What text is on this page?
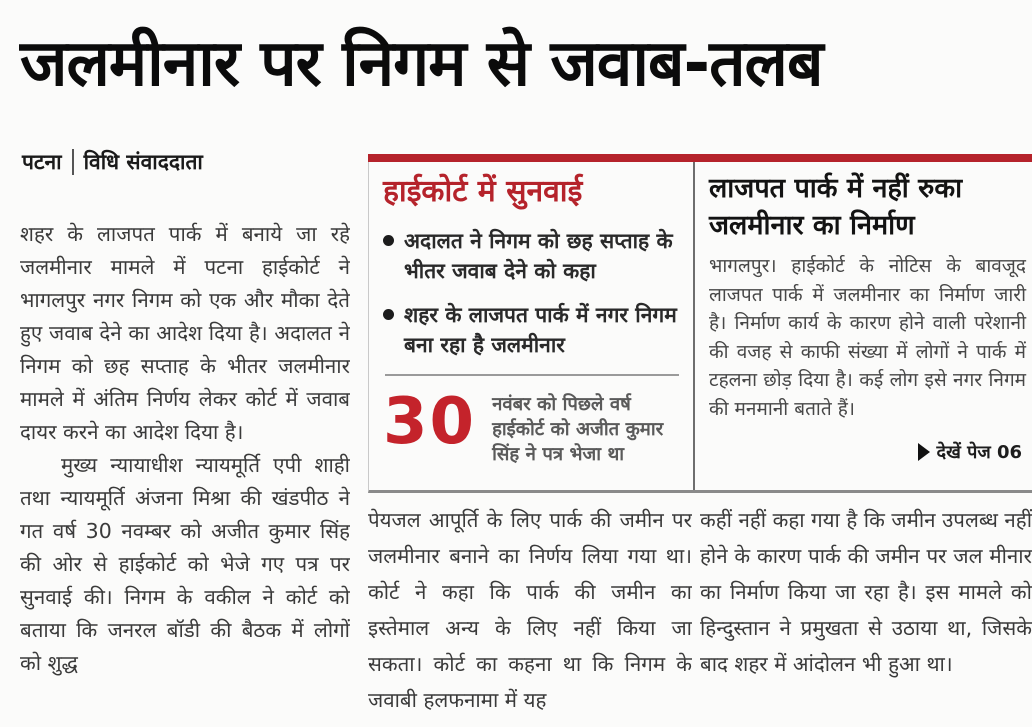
जलमीनार पर निगम से जवाब-तलब
पटना विधि संवाददाता

शहर के लाजपत पार्क में बनाये जा रहे जलमीनार मामले में पटना हाईकोर्ट ने भागलपुर नगर निगम को एक और मौका देते हुए जवाब देने का आदेश दिया है। अदालत ने निगम को छह सप्ताह के भीतर जलमीनार मामले में अंतिम निर्णय लेकर कोर्ट में जवाब दायर करने का आदेश दिया है।

मुख्य न्यायाधीश न्यायमूर्ति एपी शाही तथा न्यायमूर्ति अंजना मिश्रा की खंडपीठ ने गत वर्ष 30 नवम्बर को अजीत कुमार सिंह की ओर से हाईकोर्ट को भेजे गए पत्र पर सुनवाई की। निगम के वकील ने कोर्ट को बताया कि जनरल बॉडी की बैठक में लोगों को शुद्ध

हाईकोर्ट में सुनवाई
अदालत ने निगम को छह सप्ताह के भीतर जवाब देने को कहा
शहर के लाजपत पार्क में नगर निगम बना रहा है जलमीनार
30 नवंबर को पिछले वर्ष हाईकोर्ट को अजीत कुमार सिंह ने पत्र भेजा था
लाजपत पार्क में नहीं रुका जलमीनार का निर्माण

भागलपुर। हाईकोर्ट के नोटिस के बावजूद लाजपत पार्क में जलमीनार का निर्माण जारी है। निर्माण कार्य के कारण होने वाली परेशानी की वजह से काफी संख्या में लोगों ने पार्क में टहलना छोड़ दिया है। कई लोग इसे नगर निगम की मनमानी बताते हैं।

देखें पेज 06

पेयजल आपूर्ति के लिए पार्क की जमीन पर जलमीनार बनाने का निर्णय लिया गया था। कोर्ट ने कहा कि पार्क की जमीन का इस्तेमाल अन्य के लिए नहीं किया जा सकता। कोर्ट का कहना था कि निगम के जवाबी हलफनामा में यह

कहीं नहीं कहा गया है कि जमीन उपलब्ध नहीं होने के कारण पार्क की जमीन पर जल मीनार का निर्माण किया जा रहा है। इस मामले को हिन्दुस्तान ने प्रमुखता से उठाया था, जिसके बाद शहर में आंदोलन भी हुआ था।
